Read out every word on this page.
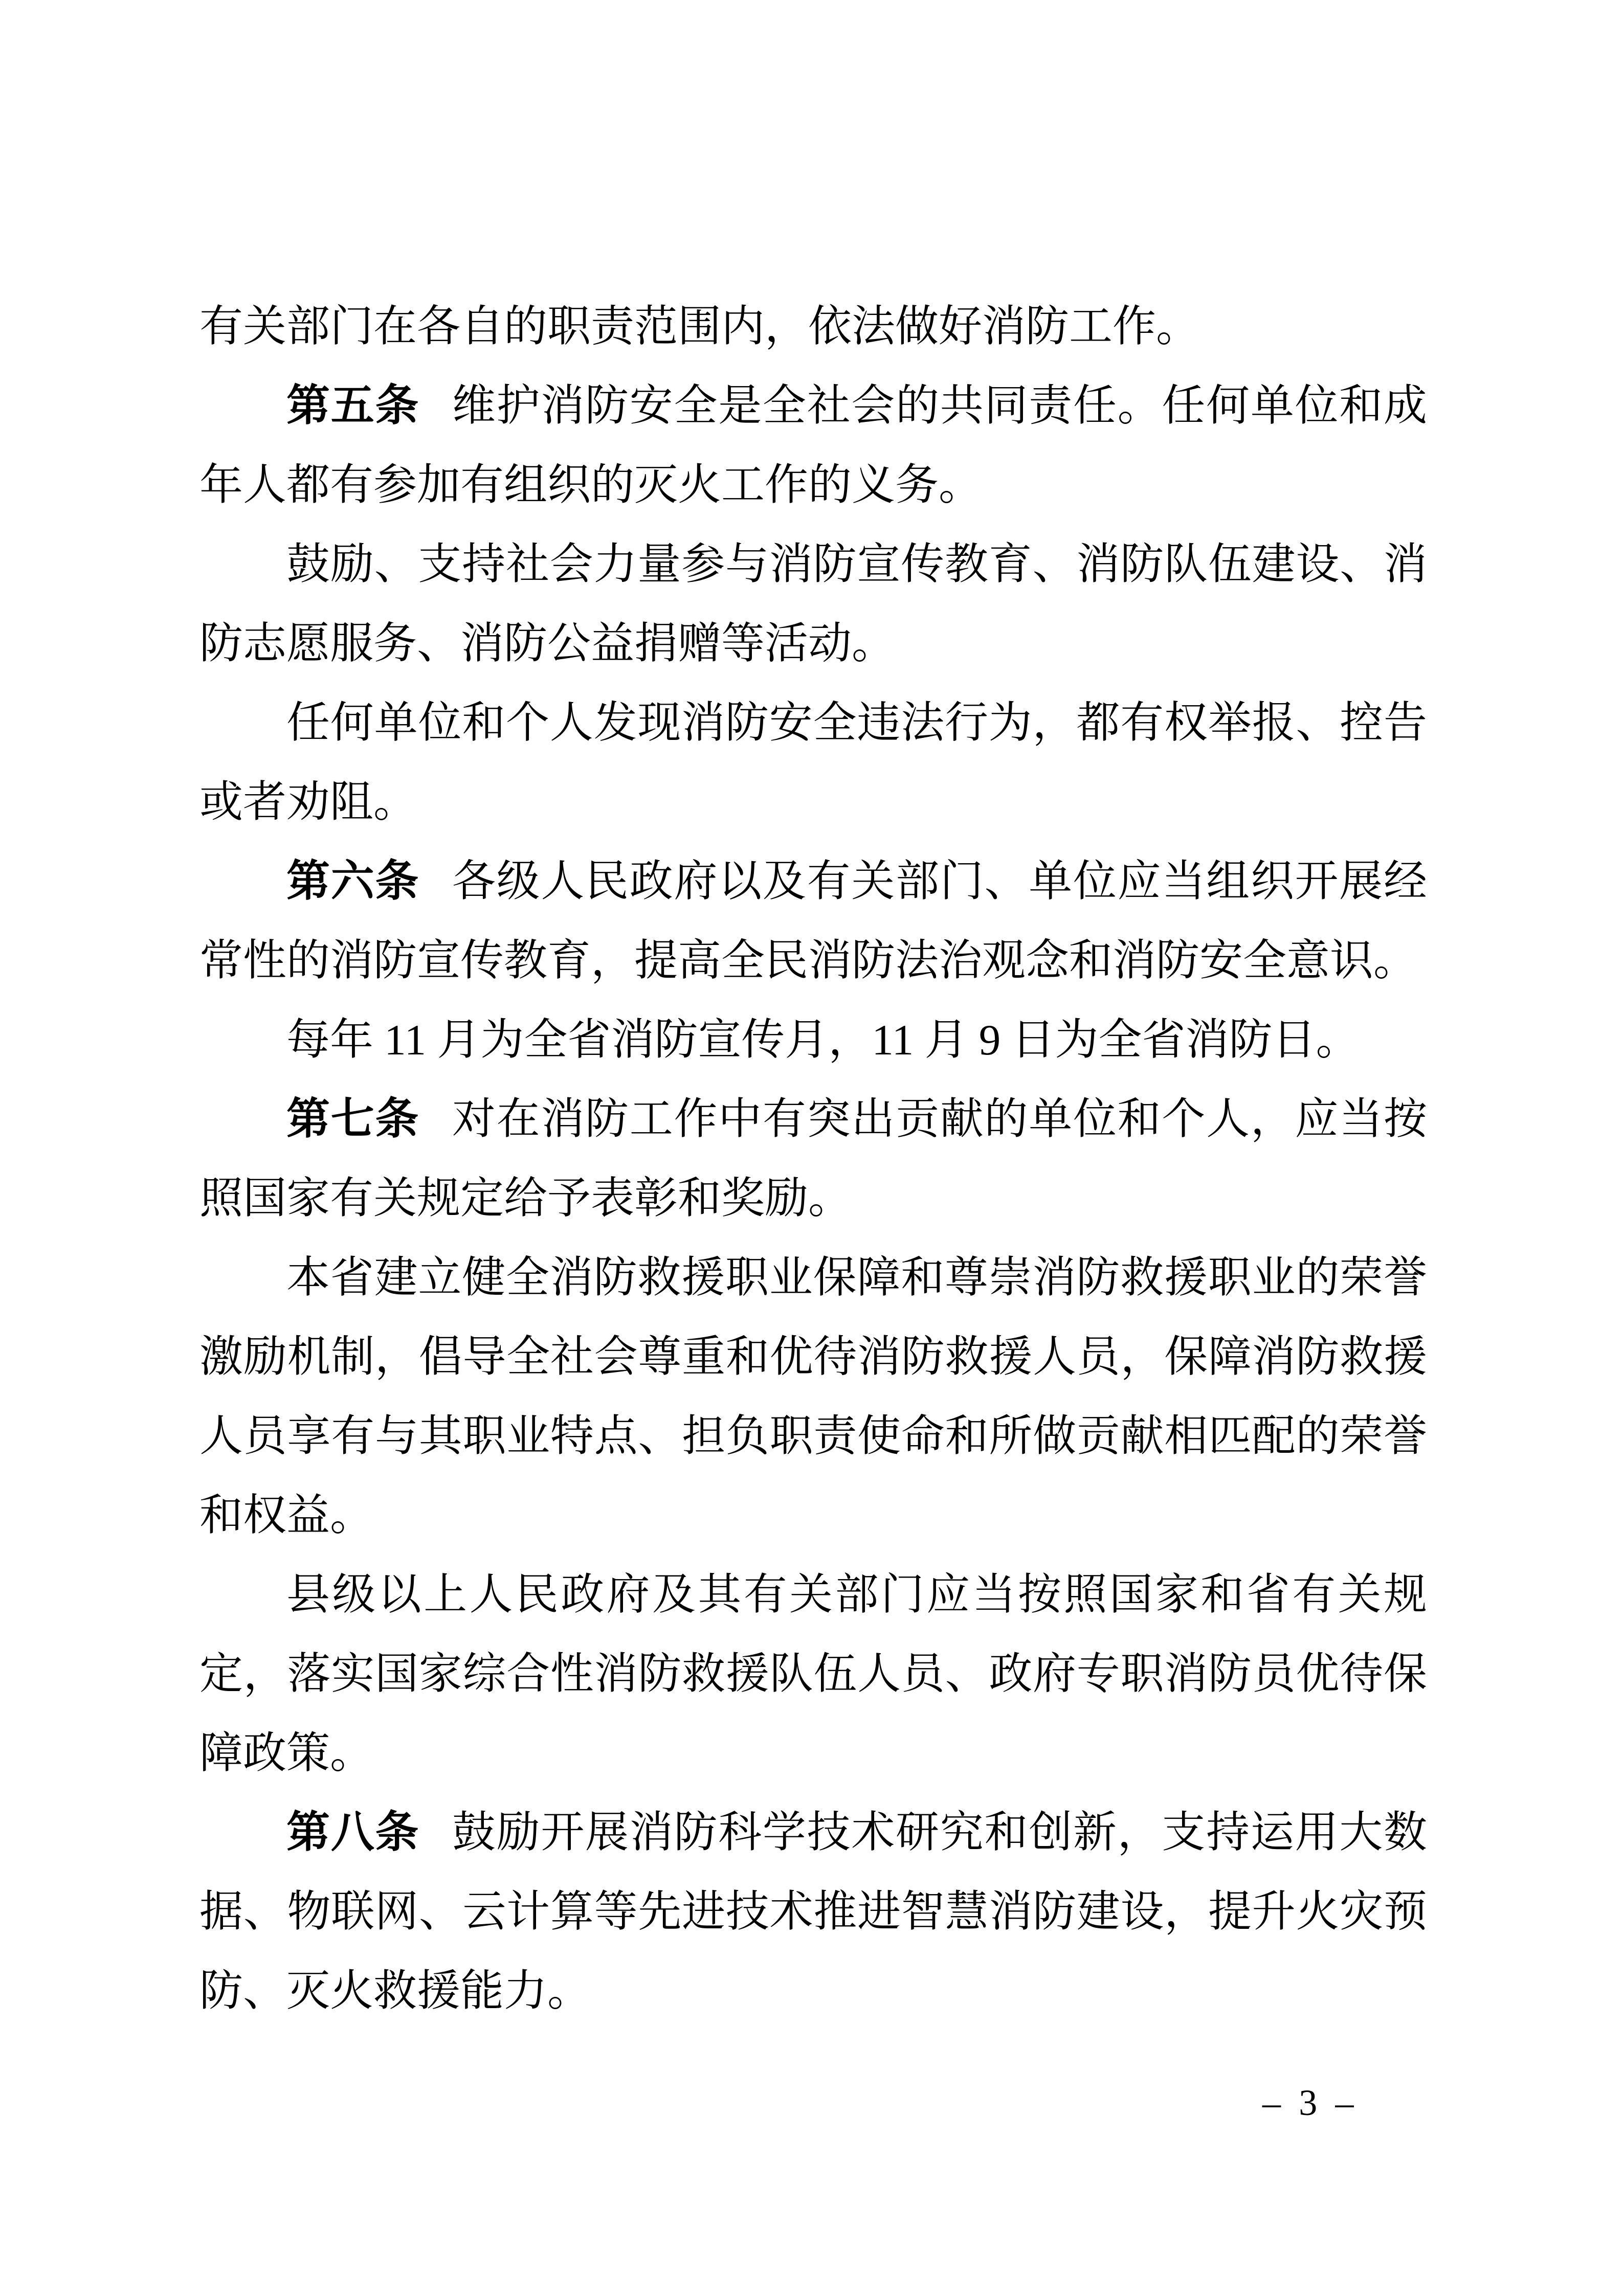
有关部门在各自的职责范围内，依法做好消防工作。

第五条 维护消防安全是全社会的共同责任。任何单位和成年人都有参加有组织的灭火工作的义务。

鼓励、支持社会力量参与消防宣传教育、消防队伍建设、消防志愿服务、消防公益捐赠等活动。

任何单位和个人发现消防安全违法行为，都有权举报、控告或者劝阻。

第六条 各级人民政府以及有关部门、单位应当组织开展经常性的消防宣传教育，提高全民消防法治观念和消防安全意识。

每年 11 月为全省消防宣传月，11 月 9 日为全省消防日。

第七条 对在消防工作中有突出贡献的单位和个人，应当按照国家有关规定给予表彰和奖励。

本省建立健全消防救援职业保障和尊崇消防救援职业的荣誉激励机制，倡导全社会尊重和优待消防救援人员，保障消防救援人员享有与其职业特点、担负职责使命和所做贡献相匹配的荣誉和权益。

县级以上人民政府及其有关部门应当按照国家和省有关规定，落实国家综合性消防救援队伍人员、政府专职消防员优待保障政策。

第八条 鼓励开展消防科学技术研究和创新，支持运用大数据、物联网、云计算等先进技术推进智慧消防建设，提升火灾预防、灭火救援能力。

– 3 –
